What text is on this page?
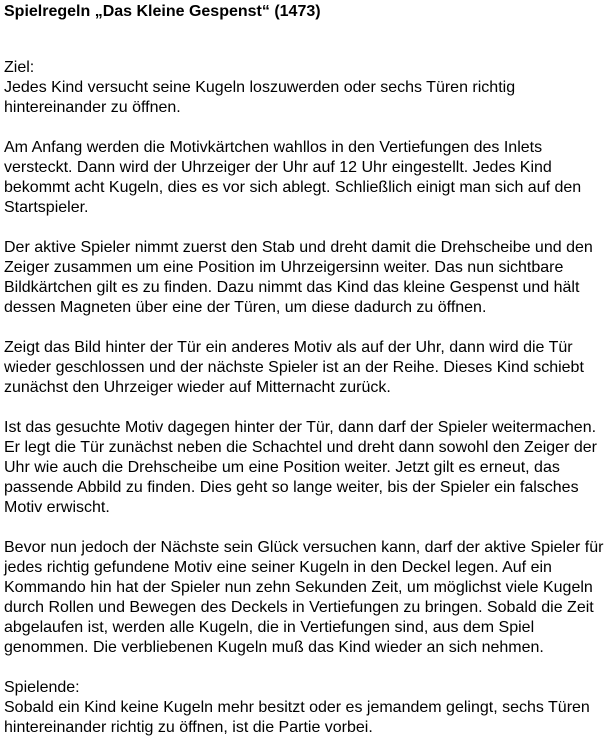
Spielregeln „Das Kleine Gespenst“ (1473)
Ziel:
Jedes Kind versucht seine Kugeln loszuwerden oder sechs Türen richtig
hintereinander zu öffnen.
Am Anfang werden die Motivkärtchen wahllos in den Vertiefungen des Inlets
versteckt. Dann wird der Uhrzeiger der Uhr auf 12 Uhr eingestellt. Jedes Kind
bekommt acht Kugeln, dies es vor sich ablegt. Schließlich einigt man sich auf den
Startspieler.
Der aktive Spieler nimmt zuerst den Stab und dreht damit die Drehscheibe und den
Zeiger zusammen um eine Position im Uhrzeigersinn weiter. Das nun sichtbare
Bildkärtchen gilt es zu finden. Dazu nimmt das Kind das kleine Gespenst und hält
dessen Magneten über eine der Türen, um diese dadurch zu öffnen.
Zeigt das Bild hinter der Tür ein anderes Motiv als auf der Uhr, dann wird die Tür
wieder geschlossen und der nächste Spieler ist an der Reihe. Dieses Kind schiebt
zunächst den Uhrzeiger wieder auf Mitternacht zurück.
Ist das gesuchte Motiv dagegen hinter der Tür, dann darf der Spieler weitermachen.
Er legt die Tür zunächst neben die Schachtel und dreht dann sowohl den Zeiger der
Uhr wie auch die Drehscheibe um eine Position weiter. Jetzt gilt es erneut, das
passende Abbild zu finden. Dies geht so lange weiter, bis der Spieler ein falsches
Motiv erwischt.
Bevor nun jedoch der Nächste sein Glück versuchen kann, darf der aktive Spieler für
jedes richtig gefundene Motiv eine seiner Kugeln in den Deckel legen. Auf ein
Kommando hin hat der Spieler nun zehn Sekunden Zeit, um möglichst viele Kugeln
durch Rollen und Bewegen des Deckels in Vertiefungen zu bringen. Sobald die Zeit
abgelaufen ist, werden alle Kugeln, die in Vertiefungen sind, aus dem Spiel
genommen. Die verbliebenen Kugeln muß das Kind wieder an sich nehmen.
Spielende:
Sobald ein Kind keine Kugeln mehr besitzt oder es jemandem gelingt, sechs Türen
hintereinander richtig zu öffnen, ist die Partie vorbei.
